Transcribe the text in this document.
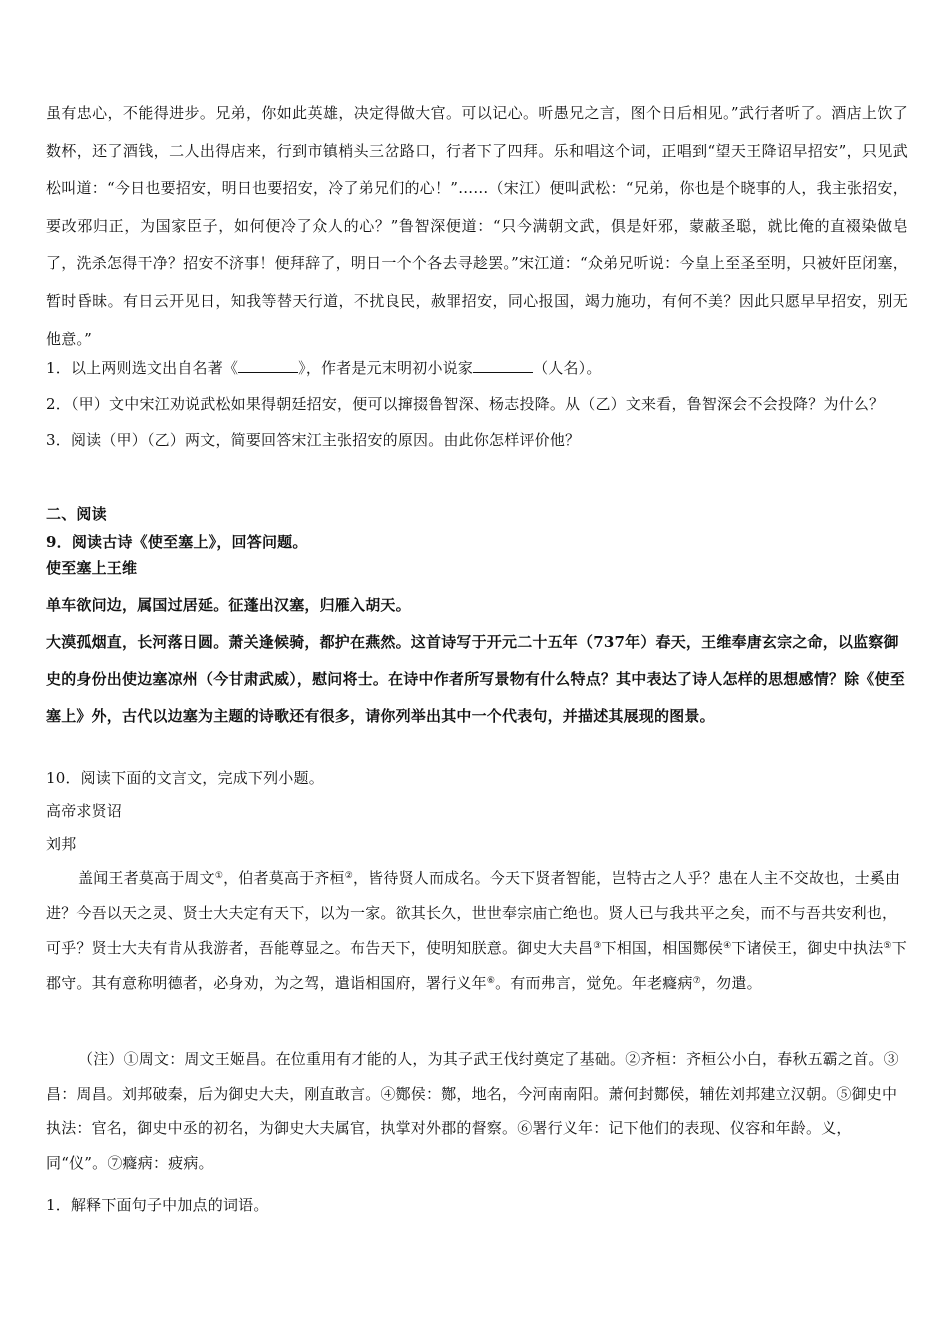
虽有忠心，不能得进步。兄弟，你如此英雄，决定得做大官。可以记心。听愚兄之言，图个日后相见。”武行者听了。酒店上饮了数杯，还了酒钱，二人出得店来，行到市镇梢头三岔路口，行者下了四拜。乐和唱这个词，正唱到“望天王降诏早招安”，只见武松叫道：“今日也要招安，明日也要招安，冷了弟兄们的心！”……（宋江）便叫武松：“兄弟，你也是个晓事的人，我主张招安，要改邪归正，为国家臣子，如何便冷了众人的心？”鲁智深便道：“只今满朝文武，俱是奸邪，蒙蔽圣聪，就比俺的直裰染做皂了，洗杀怎得干净？招安不济事！便拜辞了，明日一个个各去寻趁罢。”宋江道：“众弟兄听说：今皇上至圣至明，只被奸臣闭塞，暂时昏昧。有日云开见日，知我等替天行道，不扰良民，赦罪招安，同心报国，竭力施功，有何不美？因此只愿早早招安，别无他意。”

1．以上两则选文出自名著《	》，作者是元末明初小说家	（人名）。

2．（甲）文中宋江劝说武松如果得朝廷招安，便可以撺掇鲁智深、杨志投降。从（乙）文来看，鲁智深会不会投降？为什么？

3．阅读（甲）（乙）两文，简要回答宋江主张招安的原因。由此你怎样评价他？

二、阅读

9．阅读古诗《使至塞上》，回答问题。

使至塞上王维

单车欲问边，属国过居延。征蓬出汉塞，归雁入胡天。

大漠孤烟直，长河落日圆。萧关逢候骑，都护在燕然。这首诗写于开元二十五年（737年）春天，王维奉唐玄宗之命，以监察御史的身份出使边塞凉州（今甘肃武威），慰问将士。在诗中作者所写景物有什么特点？其中表达了诗人怎样的思想感情？除《使至塞上》外，古代以边塞为主题的诗歌还有很多，请你列举出其中一个代表句，并描述其展现的图景。

10．阅读下面的文言文，完成下列小题。

高帝求贤诏

刘邦

盖闻王者莫高于周文①，伯者莫高于齐桓②，皆待贤人而成名。今天下贤者智能，岂特古之人乎？患在人主不交故也，士奚由进？今吾以天之灵、贤士大夫定有天下，以为一家。欲其长久，世世奉宗庙亡绝也。贤人已与我共平之矣，而不与吾共安利也，可乎？贤士大夫有肯从我游者，吾能尊显之。布告天下，使明知朕意。御史大夫昌③下相国，相国酂侯④下诸侯王，御史中执法⑤下郡守。其有意称明德者，必身劝，为之驾，遣诣相国府，署行义年⑥。有而弗言，觉免。年老癃病⑦，勿遣。

（注）①周文：周文王姬昌。在位重用有才能的人，为其子武王伐纣奠定了基础。②齐桓：齐桓公小白，春秋五霸之首。③昌：周昌。刘邦破秦，后为御史大夫，刚直敢言。④酂侯：酂，地名，今河南南阳。萧何封酂侯，辅佐刘邦建立汉朝。⑤御史中执法：官名，御史中丞的初名，为御史大夫属官，执掌对外郡的督察。⑥署行义年：记下他们的表现、仪容和年龄。义，同“仪”。⑦癃病：疲病。

1．解释下面句子中加点的词语。
